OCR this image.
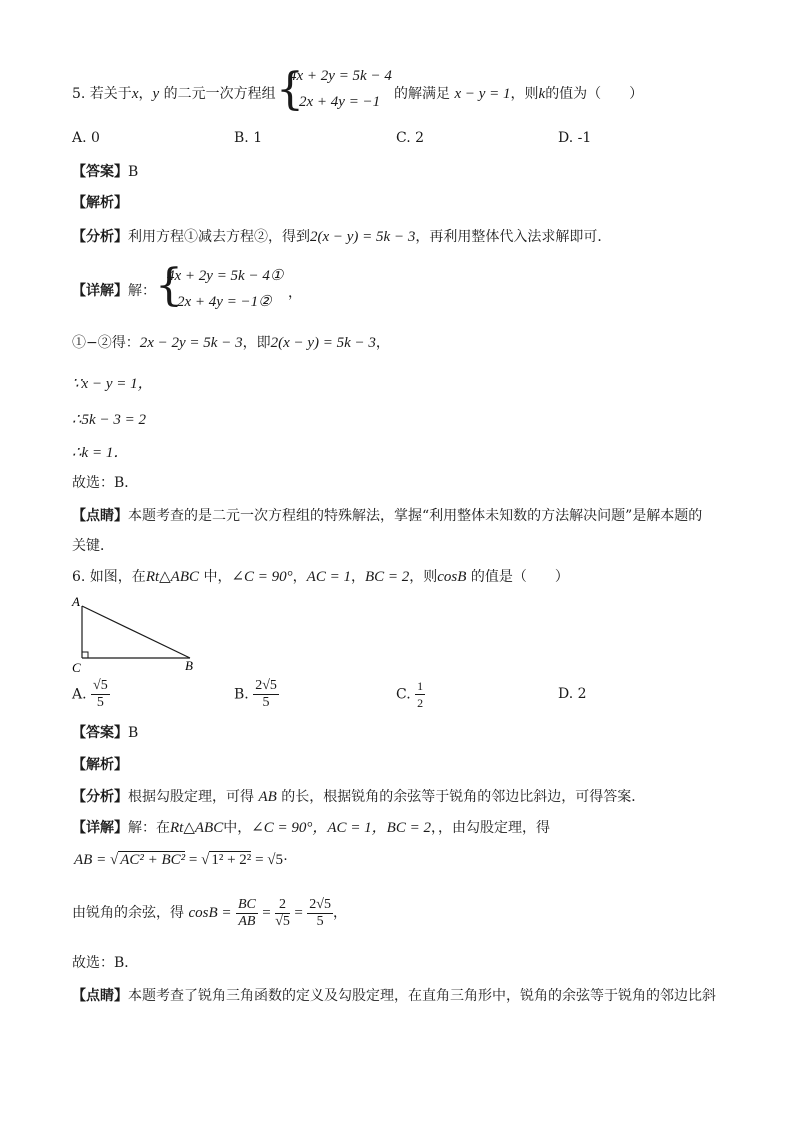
5. 若关于x，y 的二元一次方程组 {
4x + 2y = 5k − 4
2x + 4y = −1 的解满足 x − y = 1，则k的值为（　　）
A. 0	B. 1	C. 2	D. -1
【答案】B
【解析】
【分析】利用方程①减去方程②，得到2(x − y) = 5k − 3，再利用整体代入法求解即可．
【详解】解： {
4x + 2y = 5k − 4①
2x + 4y = −1②
，
①−②得：2x − 2y = 5k − 3，即2(x − y) = 5k − 3，
∵x − y = 1，
∴5k − 3 = 2
∴k = 1．
故选：B．
【点睛】本题考查的是二元一次方程组的特殊解法，掌握“利用整体未知数的方法解决问题”是解本题的
关键．
6. 如图，在Rt△ABC 中，∠C = 90°，AC = 1，BC = 2，则cosB 的值是（　　）
A
C	B
A. $\frac{√5}{5}$	B. $\frac{2√5}{5}$	C. $\frac{1}{2}$	D. 2
【答案】B
【解析】
【分析】根据勾股定理，可得 AB 的长，根据锐角的余弦等于锐角的邻边比斜边，可得答案．
【详解】解：在Rt△ABC中，∠C = 90°，AC = 1，BC = 2，，由勾股定理，得
AB = √ AC² + BC² = √ 1² + 2² = √5·
由锐角的余弦，得 $\cos B = \frac{BC}{AB} = \frac{2}{√5} = \frac{2√5}{5}$ ，
故选：B．
【点睛】本题考查了锐角三角函数的定义及勾股定理，在直角三角形中，锐角的余弦等于锐角的邻边比斜
